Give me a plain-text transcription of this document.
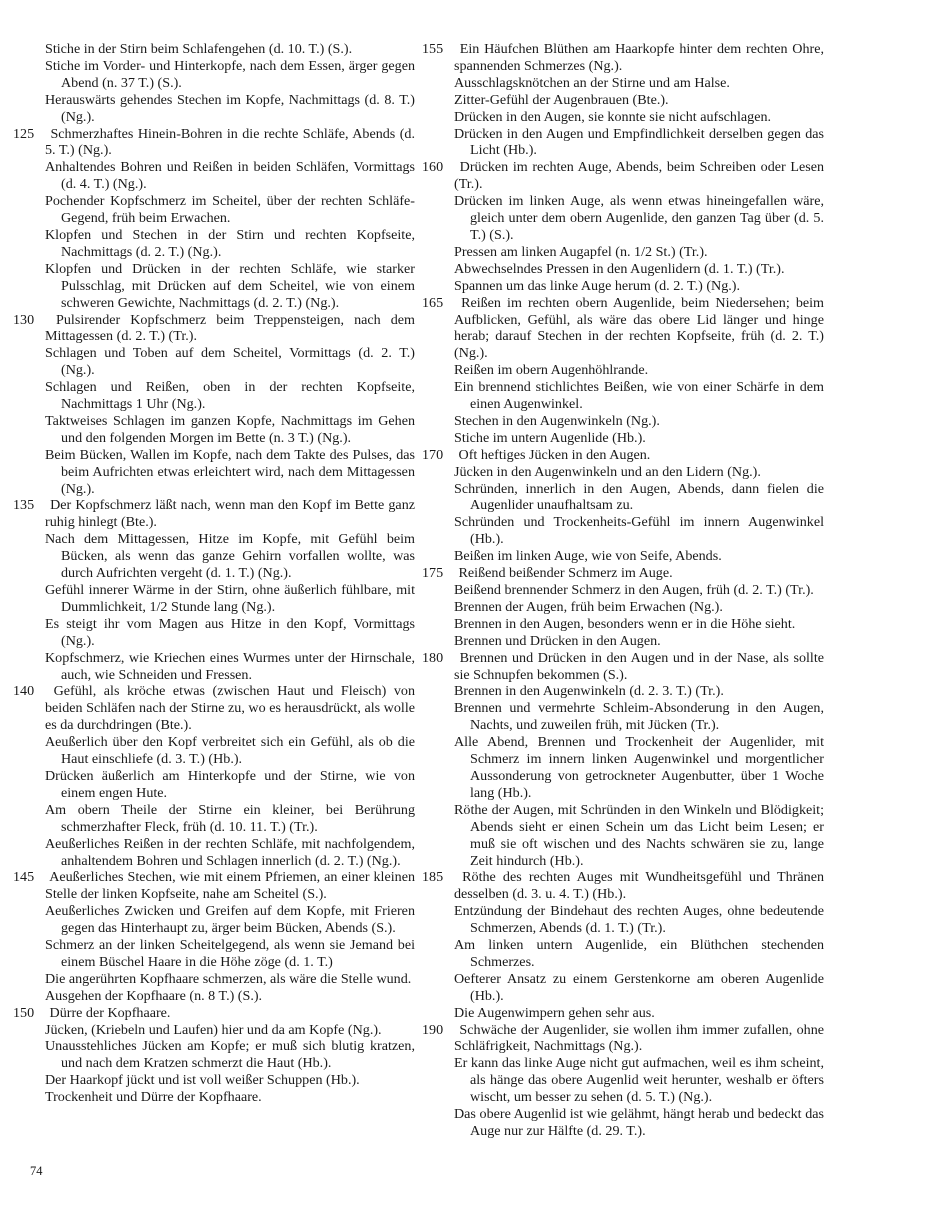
Stiche in der Stirn beim Schlafengehen (d. 10. T.) (S.).

Stiche im Vorder- und Hinterkopfe, nach dem Essen, ärger gegen Abend (n. 37 T.) (S.).

Herauswärts gehendes Stechen im Kopfe, Nachmittags (d. 8. T.) (Ng.).

125 Schmerzhaftes Hinein-Bohren in die rechte Schläfe, Abends (d. 5. T.) (Ng.).

Anhaltendes Bohren und Reißen in beiden Schläfen, Vormittags (d. 4. T.) (Ng.).

Pochender Kopfschmerz im Scheitel, über der rechten Schläfe-Gegend, früh beim Erwachen.

Klopfen und Stechen in der Stirn und rechten Kopfseite, Nachmittags (d. 2. T.) (Ng.).

Klopfen und Drücken in der rechten Schläfe, wie starker Pulsschlag, mit Drücken auf dem Scheitel, wie von einem schweren Gewichte, Nachmittags (d. 2. T.) (Ng.).

130 Pulsirender Kopfschmerz beim Treppensteigen, nach dem Mittagessen (d. 2. T.) (Tr.).

Schlagen und Toben auf dem Scheitel, Vormittags (d. 2. T.) (Ng.).

Schlagen und Reißen, oben in der rechten Kopfseite, Nachmittags 1 Uhr (Ng.).

Taktweises Schlagen im ganzen Kopfe, Nachmittags im Gehen und den folgenden Morgen im Bette (n. 3 T.) (Ng.).

Beim Bücken, Wallen im Kopfe, nach dem Takte des Pulses, das beim Aufrichten etwas erleichtert wird, nach dem Mittagessen (Ng.).

135 Der Kopfschmerz läßt nach, wenn man den Kopf im Bette ganz ruhig hinlegt (Bte.).

Nach dem Mittagessen, Hitze im Kopfe, mit Gefühl beim Bücken, als wenn das ganze Gehirn vorfallen wollte, was durch Aufrichten vergeht (d. 1. T.) (Ng.).

Gefühl innerer Wärme in der Stirn, ohne äußerlich fühlbare, mit Dummlichkeit, 1/2 Stunde lang (Ng.).

Es steigt ihr vom Magen aus Hitze in den Kopf, Vormittags (Ng.).

Kopfschmerz, wie Kriechen eines Wurmes unter der Hirnschale, auch, wie Schneiden und Fressen.

140 Gefühl, als kröche etwas (zwischen Haut und Fleisch) von beiden Schläfen nach der Stirne zu, wo es herausdrückt, als wolle es da durchdringen (Bte.).

Aeußerlich über den Kopf verbreitet sich ein Gefühl, als ob die Haut einschliefe (d. 3. T.) (Hb.).

Drücken äußerlich am Hinterkopfe und der Stirne, wie von einem engen Hute.

Am obern Theile der Stirne ein kleiner, bei Berührung schmerzhafter Fleck, früh (d. 10. 11. T.) (Tr.).

Aeußerliches Reißen in der rechten Schläfe, mit nachfolgendem, anhaltendem Bohren und Schlagen innerlich (d. 2. T.) (Ng.).

145 Aeußerliches Stechen, wie mit einem Pfriemen, an einer kleinen Stelle der linken Kopfseite, nahe am Scheitel (S.).

Aeußerliches Zwicken und Greifen auf dem Kopfe, mit Frieren gegen das Hinterhaupt zu, ärger beim Bücken, Abends (S.).

Schmerz an der linken Scheitelgegend, als wenn sie Jemand bei einem Büschel Haare in die Höhe zöge (d. 1. T.)

Die angerührten Kopfhaare schmerzen, als wäre die Stelle wund.

Ausgehen der Kopfhaare (n. 8 T.) (S.).

150 Dürre der Kopfhaare.

Jücken, (Kriebeln und Laufen) hier und da am Kopfe (Ng.).

Unausstehliches Jücken am Kopfe; er muß sich blutig kratzen, und nach dem Kratzen schmerzt die Haut (Hb.).

Der Haarkopf jückt und ist voll weißer Schuppen (Hb.).

Trockenheit und Dürre der Kopfhaare.

155 Ein Häufchen Blüthen am Haarkopfe hinter dem rechten Ohre, spannenden Schmerzes (Ng.).

Ausschlagsknötchen an der Stirne und am Halse.

Zitter-Gefühl der Augenbrauen (Bte.).

Drücken in den Augen, sie konnte sie nicht aufschlagen.

Drücken in den Augen und Empfindlichkeit derselben gegen das Licht (Hb.).

160 Drücken im rechten Auge, Abends, beim Schreiben oder Lesen (Tr.).

Drücken im linken Auge, als wenn etwas hineingefallen wäre, gleich unter dem obern Augenlide, den ganzen Tag über (d. 5. T.) (S.).

Pressen am linken Augapfel (n. 1/2 St.) (Tr.).

Abwechselndes Pressen in den Augenlidern (d. 1. T.) (Tr.).

Spannen um das linke Auge herum (d. 2. T.) (Ng.).

165 Reißen im rechten obern Augenlide, beim Niedersehen; beim Aufblicken, Gefühl, als wäre das obere Lid länger und hinge herab; darauf Stechen in der rechten Kopfseite, früh (d. 2. T.) (Ng.).

Reißen im obern Augenhöhlrande.

Ein brennend stichlichtes Beißen, wie von einer Schärfe in dem einen Augenwinkel.

Stechen in den Augenwinkeln (Ng.).

Stiche im untern Augenlide (Hb.).

170 Oft heftiges Jücken in den Augen.

Jücken in den Augenwinkeln und an den Lidern (Ng.).

Schründen, innerlich in den Augen, Abends, dann fielen die Augenlider unaufhaltsam zu.

Schründen und Trockenheits-Gefühl im innern Augenwinkel (Hb.).

Beißen im linken Auge, wie von Seife, Abends.

175 Reißend beißender Schmerz im Auge.

Beißend brennender Schmerz in den Augen, früh (d. 2. T.) (Tr.).

Brennen der Augen, früh beim Erwachen (Ng.).

Brennen in den Augen, besonders wenn er in die Höhe sieht.

Brennen und Drücken in den Augen.

180 Brennen und Drücken in den Augen und in der Nase, als sollte sie Schnupfen bekommen (S.).

Brennen in den Augenwinkeln (d. 2. 3. T.) (Tr.).

Brennen und vermehrte Schleim-Absonderung in den Augen, Nachts, und zuweilen früh, mit Jücken (Tr.).

Alle Abend, Brennen und Trockenheit der Augenlider, mit Schmerz im innern linken Augenwinkel und morgentlicher Aussonderung von getrockneter Augenbutter, über 1 Woche lang (Hb.).

Röthe der Augen, mit Schründen in den Winkeln und Blödigkeit; Abends sieht er einen Schein um das Licht beim Lesen; er muß sie oft wischen und des Nachts schwären sie zu, lange Zeit hindurch (Hb.).

185 Röthe des rechten Auges mit Wundheitsgefühl und Thränen desselben (d. 3. u. 4. T.) (Hb.).

Entzündung der Bindehaut des rechten Auges, ohne bedeutende Schmerzen, Abends (d. 1. T.) (Tr.).

Am linken untern Augenlide, ein Blüthchen stechenden Schmerzes.

Oefterer Ansatz zu einem Gerstenkorne am oberen Augenlide (Hb.).

Die Augenwimpern gehen sehr aus.

190 Schwäche der Augenlider, sie wollen ihm immer zufallen, ohne Schläfrigkeit, Nachmittags (Ng.).

Er kann das linke Auge nicht gut aufmachen, weil es ihm scheint, als hänge das obere Augenlid weit herunter, weshalb er öfters wischt, um besser zu sehen (d. 5. T.) (Ng.).

Das obere Augenlid ist wie gelähmt, hängt herab und bedeckt das Auge nur zur Hälfte (d. 29. T.).

74
